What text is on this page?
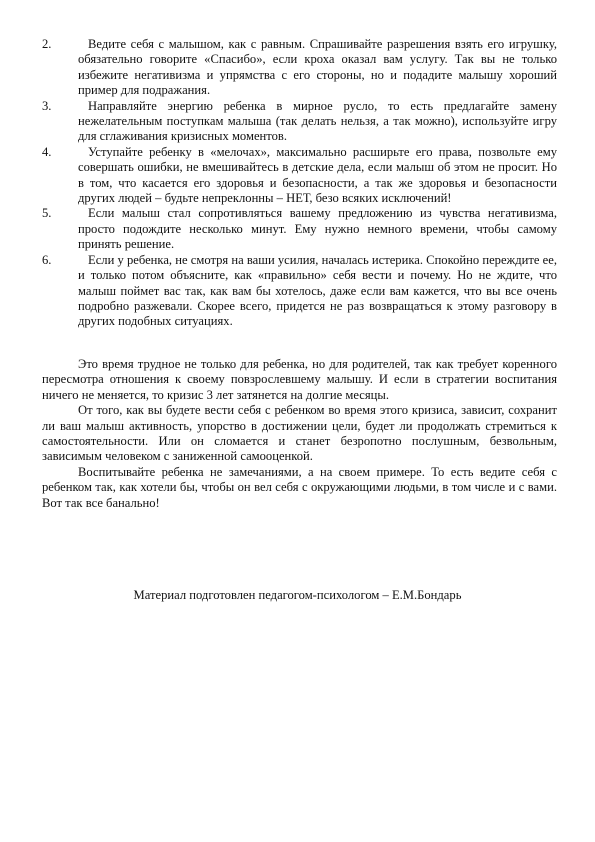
2.	Ведите себя с малышом, как с равным. Спрашивайте разрешения взять его игрушку, обязательно говорите «Спасибо», если кроха оказал вам услугу. Так вы не только избежите негативизма и упрямства с его стороны, но и подадите малышу хороший пример для подражания.
3.	Направляйте энергию ребенка в мирное русло, то есть предлагайте замену нежелательным поступкам малыша (так делать нельзя, а так можно), используйте игру для сглаживания кризисных моментов.
4.	Уступайте ребенку в «мелочах», максимально расширьте его права, позвольте ему совершать ошибки, не вмешивайтесь в детские дела, если малыш об этом не просит. Но в том, что касается его здоровья и безопасности, а так же здоровья и безопасности других людей – будьте непреклонны – НЕТ, безо всяких исключений!
5.	Если малыш стал сопротивляться вашему предложению из чувства негативизма, просто подождите несколько минут. Ему нужно немного времени, чтобы самому принять решение.
6.	Если у ребенка, не смотря на ваши усилия, началась истерика. Спокойно переждите ее, и только потом объясните, как «правильно» себя вести и почему. Но не ждите, что малыш поймет вас так, как вам бы хотелось, даже если вам кажется, что вы все очень подробно разжевали. Скорее всего, придется не раз возвращаться к этому разговору в других подобных ситуациях.

Это время трудное не только для ребенка, но для родителей, так как требует коренного пересмотра отношения к своему повзрослевшему малышу. И если в стратегии воспитания ничего не меняется, то кризис 3 лет затянется на долгие месяцы.

От того, как вы будете вести себя с ребенком во время этого кризиса, зависит, сохранит ли ваш малыш активность, упорство в достижении цели, будет ли продолжать стремиться к самостоятельности. Или он сломается и станет безропотно послушным, безвольным, зависимым человеком с заниженной самооценкой.

Воспитывайте ребенка не замечаниями, а на своем примере. То есть ведите себя с ребенком так, как хотели бы, чтобы он вел себя с окружающими людьми, в том числе и с вами. Вот так все банально!

Материал подготовлен педагогом-психологом – Е.М.Бондарь
